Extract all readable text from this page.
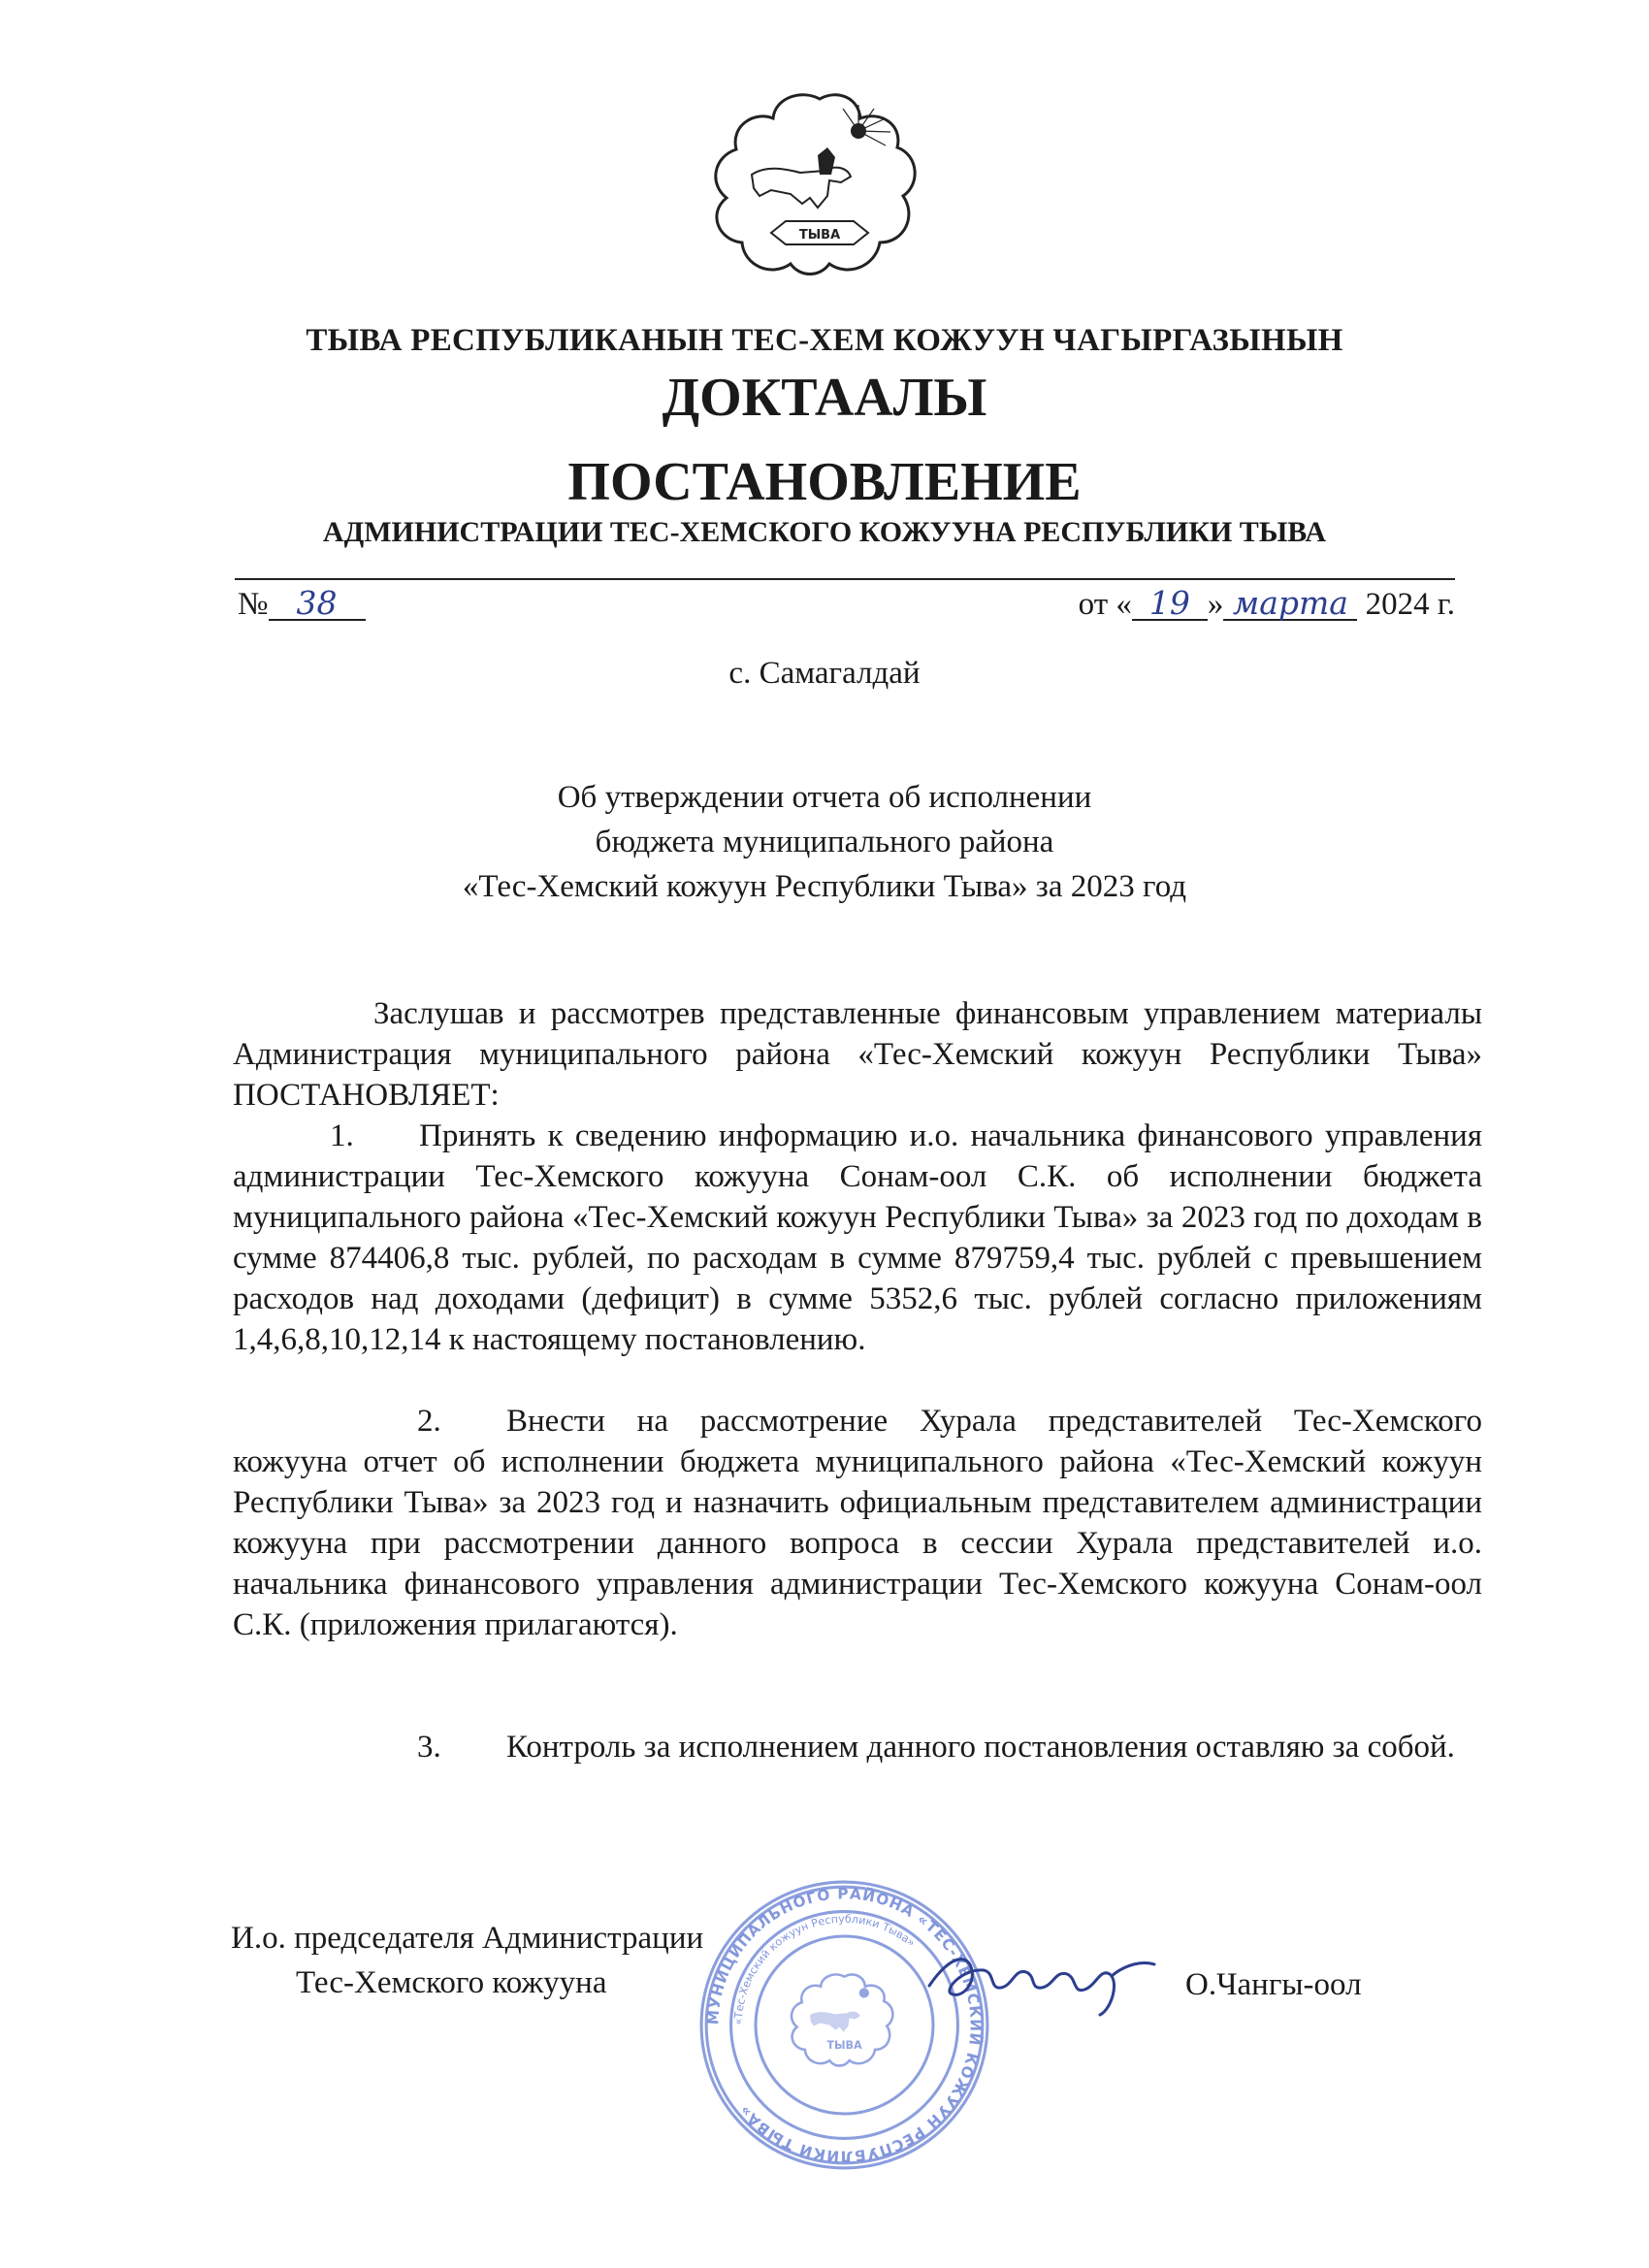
ТЫВА
ТЫВА РЕСПУБЛИКАНЫН ТЕС-ХЕМ КОЖУУН ЧАГЫРГАЗЫНЫН
ДОКТААЛЫ
ПОСТАНОВЛЕНИЕ
АДМИНИСТРАЦИИ ТЕС-ХЕМСКОГО КОЖУУНА РЕСПУБЛИКИ ТЫВА
№ 38	от « 19 » марта 2024 г.
с. Самагалдай
Об утверждении отчета об исполнении
бюджета муниципального района
«Тес-Хемский кожуун Республики Тыва» за 2023 год
Заслушав и рассмотрев представленные финансовым управлением материалы Администрация муниципального района «Тес-Хемский кожуун Республики Тыва» ПОСТАНОВЛЯЕТ:
1. Принять к сведению информацию и.о. начальника финансового управления администрации Тес-Хемского кожууна Сонам-оол С.К. об исполнении бюджета муниципального района «Тес-Хемский кожуун Республики Тыва» за 2023 год по доходам в сумме 874406,8 тыс. рублей, по расходам в сумме 879759,4 тыс. рублей с превышением расходов над доходами (дефицит) в сумме 5352,6 тыс. рублей согласно приложениям 1,4,6,8,10,12,14 к настоящему постановлению.
2. Внести на рассмотрение Хурала представителей Тес-Хемского кожууна отчет об исполнении бюджета муниципального района «Тес-Хемский кожуун Республики Тыва» за 2023 год и назначить официальным представителем администрации кожууна при рассмотрении данного вопроса в сессии Хурала представителей и.о. начальника финансового управления администрации Тес-Хемского кожууна Сонам-оол С.К. (приложения прилагаются).
3. Контроль за исполнением данного постановления оставляю за собой.
И.о. председателя Администрации
Тес-Хемского кожууна	О.Чангы-оол
МУНИЦИПАЛЬНОГО РАЙОНА «ТЕС-ХЕМСКИЙ КОЖУУН РЕСПУБЛИКИ ТЫВА»
«Тес-Хемский кожуун Республики Тыва»
ТЫВА
